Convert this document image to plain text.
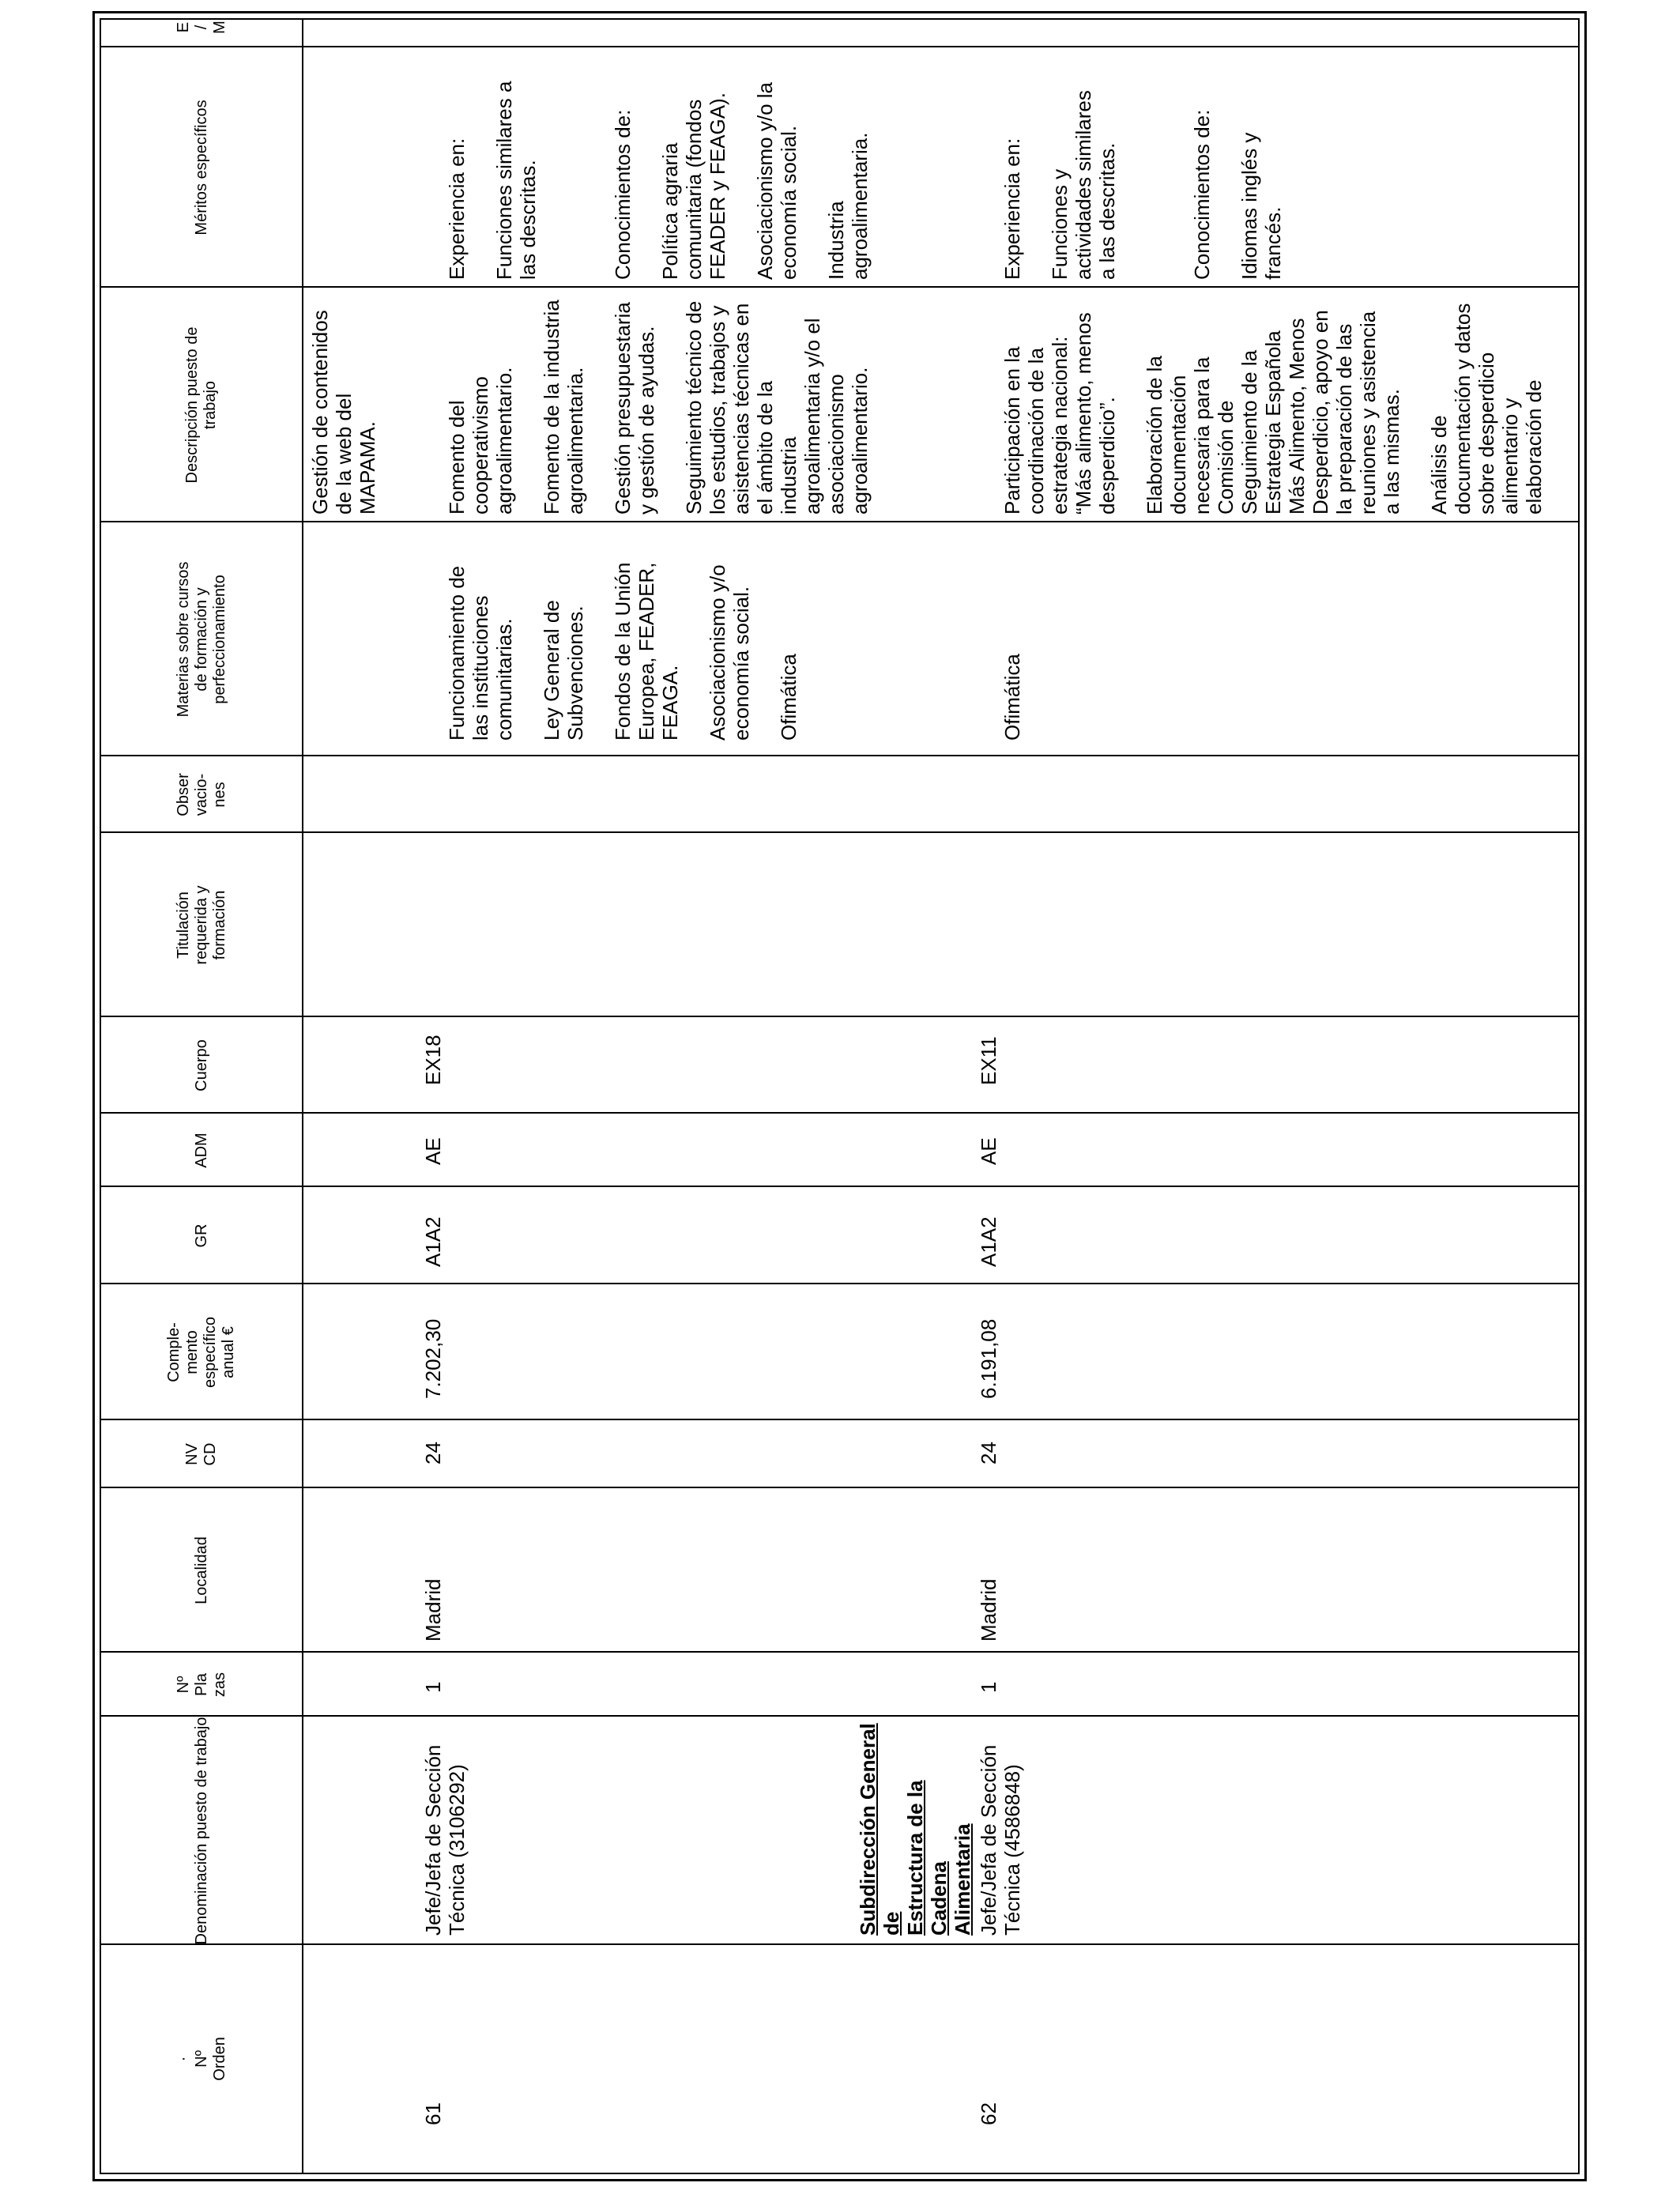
·
Nº
Orden
Denominación puesto de trabajo
Nº
Pla
zas
Localidad
NV
CD
Comple-
mento
específico
anual €
GR
ADM
Cuerpo
Titulación
requerida y
formación
Obser
vacio-
nes
Materias sobre cursos
de formación y
perfeccionamiento
Descripción puesto de
trabajo
Méritos específicos
E
/
M
Gestión de contenidos
de la web del
MAPAMA.
61
Jefe/Jefa de Sección
Técnica (3106292)
1
Madrid
24
7.202,30
A1A2
AE
EX18

Funcionamiento de
las instituciones
comunitarias. Ley General de
Subvenciones. Fondos de la Unión
Europea, FEADER,
FEAGA. Asociacionismo y/o
economía social.

Ofimática

Fomento del
cooperativismo
agroalimentario. Fomento de la industria
agroalimentaria. Gestión presupuestaria
y gestión de ayudas.

Seguimiento técnico de
los estudios, trabajos y
asistencias técnicas en
el ámbito de la
industria
agroalimentaria y/o el
asociacionismo
agroalimentario.

Experiencia en: Funciones similares a
las descritas.	Conocimientos de: Política agraria
comunitaria (fondos
FEADER y FEAGA).

Asociacionismo y/o la
economía social.

Industria
agroalimentaria.

Subdirección General de
Estructura de la Cadena
Alimentaria
62
Jefe/Jefa de Sección
Técnica (4586848)
1
Madrid
24
6.191,08
A1A2
AE
EX11

Ofimática

Participación en la
coordinación de la
estrategia nacional:
“Más alimento, menos
desperdicio”. Elaboración de la
documentación
necesaria para la
Comisión de
Seguimiento de la
Estrategia Española
Más Alimento, Menos
Desperdicio, apoyo en
la preparación de las
reuniones y asistencia
a las mismas.

Análisis de
documentación y datos
sobre desperdicio
alimentario y
elaboración de

Experiencia en: Funciones y
actividades similares
a las descritas.	Conocimientos de: Idiomas inglés y
francés.
